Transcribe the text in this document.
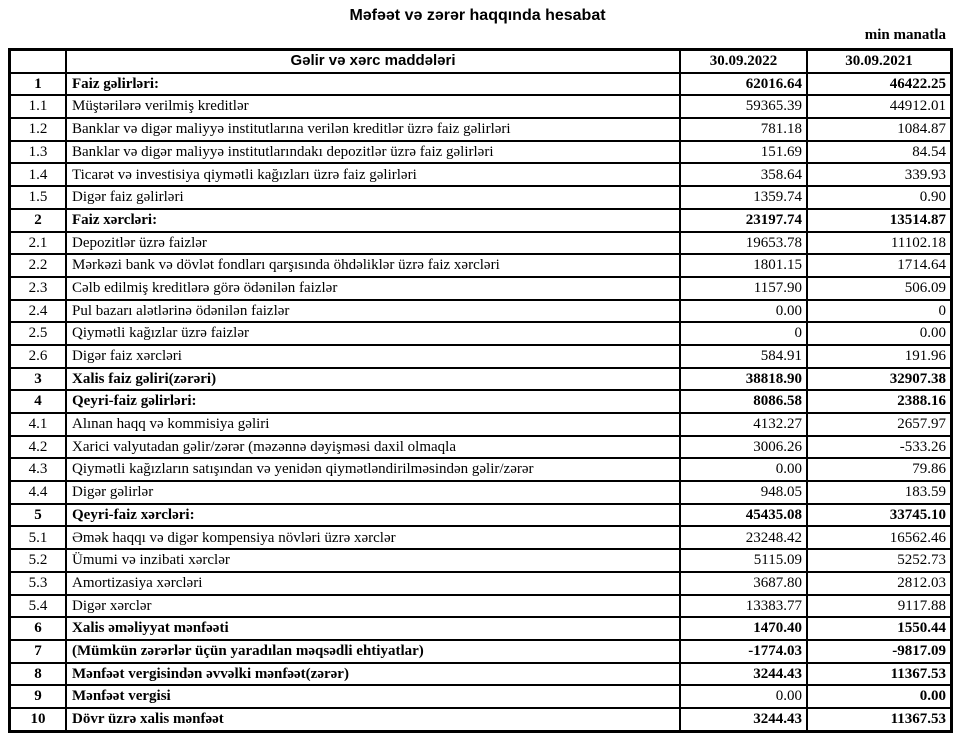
Məfəət və zərər haqqında hesabat
min manatla
	Gəlir və xərc maddələri	30.09.2022	30.09.2021
1	Faiz gəlirləri:	62016.64	46422.25
1.1	Müştərilərə verilmiş kreditlər	59365.39	44912.01
1.2	Banklar və digər maliyyə institutlarına verilən kreditlər üzrə faiz gəlirləri	781.18	1084.87
1.3	Banklar və digər maliyyə institutlarındakı depozitlər üzrə faiz gəlirləri	151.69	84.54
1.4	Ticarət və investisiya qiymətli kağızları üzrə faiz gəlirləri	358.64	339.93
1.5	Digər faiz gəlirləri	1359.74	0.90
2	Faiz xərcləri:	23197.74	13514.87
2.1	Depozitlər üzrə faizlər	19653.78	11102.18
2.2	Mərkəzi bank və dövlət fondları qarşısında öhdəliklər üzrə faiz xərcləri	1801.15	1714.64
2.3	Cəlb edilmiş kreditlərə görə ödənilən faizlər	1157.90	506.09
2.4	Pul bazarı alətlərinə ödənilən faizlər	0.00	0
2.5	Qiymətli kağızlar üzrə faizlər	0	0.00
2.6	Digər faiz xərcləri	584.91	191.96
3	Xalis faiz gəliri(zərəri)	38818.90	32907.38
4	Qeyri-faiz gəlirləri:	8086.58	2388.16
4.1	Alınan haqq və kommisiya gəliri	4132.27	2657.97
4.2	Xarici valyutadan gəlir/zərər (məzənnə dəyişməsi daxil olmaqla	3006.26	-533.26
4.3	Qiymətli kağızların satışından və yenidən qiymətləndirilməsindən gəlir/zərər	0.00	79.86
4.4	Digər gəlirlər	948.05	183.59
5	Qeyri-faiz xərcləri:	45435.08	33745.10
5.1	Əmək haqqı və digər kompensiya növləri üzrə xərclər	23248.42	16562.46
5.2	Ümumi və inzibati xərclər	5115.09	5252.73
5.3	Amortizasiya xərcləri	3687.80	2812.03
5.4	Digər xərclər	13383.77	9117.88
6	Xalis əməliyyat mənfəəti	1470.40	1550.44
7	(Mümkün zərərlər üçün yaradılan məqsədli ehtiyatlar)	-1774.03	-9817.09
8	Mənfəət vergisindən əvvəlki mənfəət(zərər)	3244.43	11367.53
9	Mənfəət vergisi	0.00	0.00
10	Dövr üzrə xalis mənfəət	3244.43	11367.53
